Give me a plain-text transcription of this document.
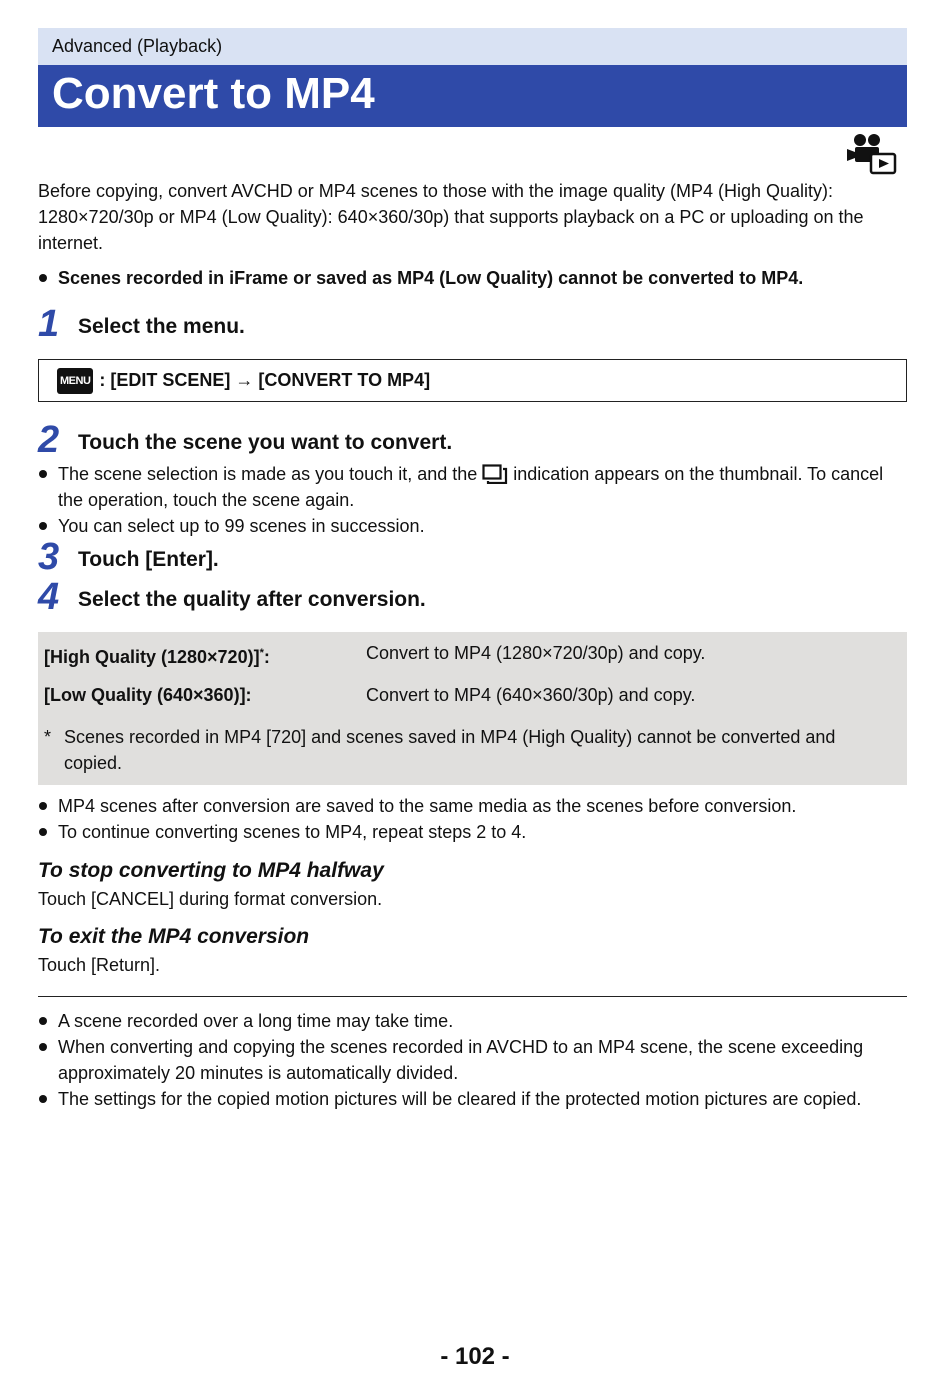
Advanced (Playback)
Convert to MP4

Before copying, convert AVCHD or MP4 scenes to those with the image quality (MP4 (High Quality): 1280×720/30p or MP4 (Low Quality): 640×360/30p) that supports playback on a PC or uploading on the internet.

Scenes recorded in iFrame or saved as MP4 (Low Quality) cannot be converted to MP4.
1 Select the menu.
MENU : [EDIT SCENE] → [CONVERT TO MP4]
2 Touch the scene you want to convert.
The scene selection is made as you touch it, and the indication appears on the thumbnail. To cancel the operation, touch the scene again.
You can select up to 99 scenes in succession.
3 Touch [Enter].
4 Select the quality after conversion.
[High Quality (1280×720)]*:	Convert to MP4 (1280×720/30p) and copy.
[Low Quality (640×360)]:	Convert to MP4 (640×360/30p) and copy.
* Scenes recorded in MP4 [720] and scenes saved in MP4 (High Quality) cannot be converted and copied.
MP4 scenes after conversion are saved to the same media as the scenes before conversion.
To continue converting scenes to MP4, repeat steps 2 to 4.
To stop converting to MP4 halfway
Touch [CANCEL] during format conversion.
To exit the MP4 conversion
Touch [Return].
A scene recorded over a long time may take time.
When converting and copying the scenes recorded in AVCHD to an MP4 scene, the scene exceeding approximately 20 minutes is automatically divided.
The settings for the copied motion pictures will be cleared if the protected motion pictures are copied.
- 102 -
